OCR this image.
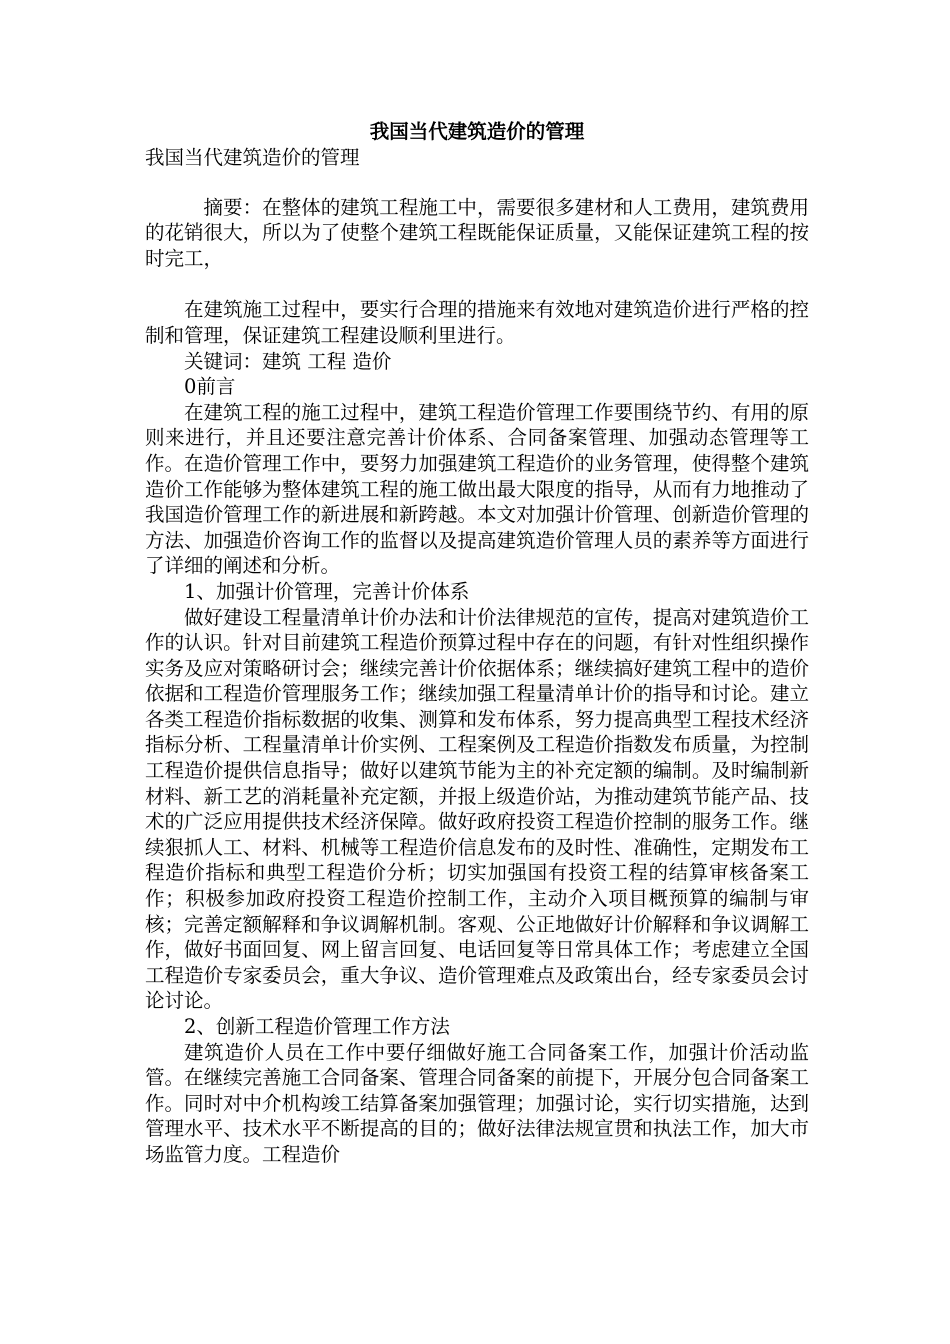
我国当代建筑造价的管理

我国当代建筑造价的管理

摘要：在整体的建筑工程施工中，需要很多建材和人工费用，建筑费用的花销很大，所以为了使整个建筑工程既能保证质量，又能保证建筑工程的按时完工，

在建筑施工过程中，要实行合理的措施来有效地对建筑造价进行严格的控制和管理，保证建筑工程建设顺利里进行。

关键词：建筑 工程 造价

0前言

在建筑工程的施工过程中，建筑工程造价管理工作要围绕节约、有用的原则来进行，并且还要注意完善计价体系、合同备案管理、加强动态管理等工作。在造价管理工作中，要努力加强建筑工程造价的业务管理，使得整个建筑造价工作能够为整体建筑工程的施工做出最大限度的指导，从而有力地推动了我国造价管理工作的新进展和新跨越。本文对加强计价管理、创新造价管理的方法、加强造价咨询工作的监督以及提高建筑造价管理人员的素养等方面进行了详细的阐述和分析。

1、加强计价管理，完善计价体系

做好建设工程量清单计价办法和计价法律规范的宣传，提高对建筑造价工作的认识。针对目前建筑工程造价预算过程中存在的问题，有针对性组织操作实务及应对策略研讨会；继续完善计价依据体系；继续搞好建筑工程中的造价依据和工程造价管理服务工作；继续加强工程量清单计价的指导和讨论。建立各类工程造价指标数据的收集、测算和发布体系，努力提高典型工程技术经济指标分析、工程量清单计价实例、工程案例及工程造价指数发布质量，为控制工程造价提供信息指导；做好以建筑节能为主的补充定额的编制。及时编制新材料、新工艺的消耗量补充定额，并报上级造价站，为推动建筑节能产品、技术的广泛应用提供技术经济保障。做好政府投资工程造价控制的服务工作。继续狠抓人工、材料、机械等工程造价信息发布的及时性、准确性，定期发布工程造价指标和典型工程造价分析；切实加强国有投资工程的结算审核备案工作；积极参加政府投资工程造价控制工作，主动介入项目概预算的编制与审核；完善定额解释和争议调解机制。客观、公正地做好计价解释和争议调解工作，做好书面回复、网上留言回复、电话回复等日常具体工作；考虑建立全国工程造价专家委员会，重大争议、造价管理难点及政策出台，经专家委员会讨论讨论。

2、创新工程造价管理工作方法

建筑造价人员在工作中要仔细做好施工合同备案工作，加强计价活动监管。在继续完善施工合同备案、管理合同备案的前提下，开展分包合同备案工作。同时对中介机构竣工结算备案加强管理；加强讨论，实行切实措施，达到管理水平、技术水平不断提高的目的；做好法律法规宣贯和执法工作，加大市场监管力度。工程造价
